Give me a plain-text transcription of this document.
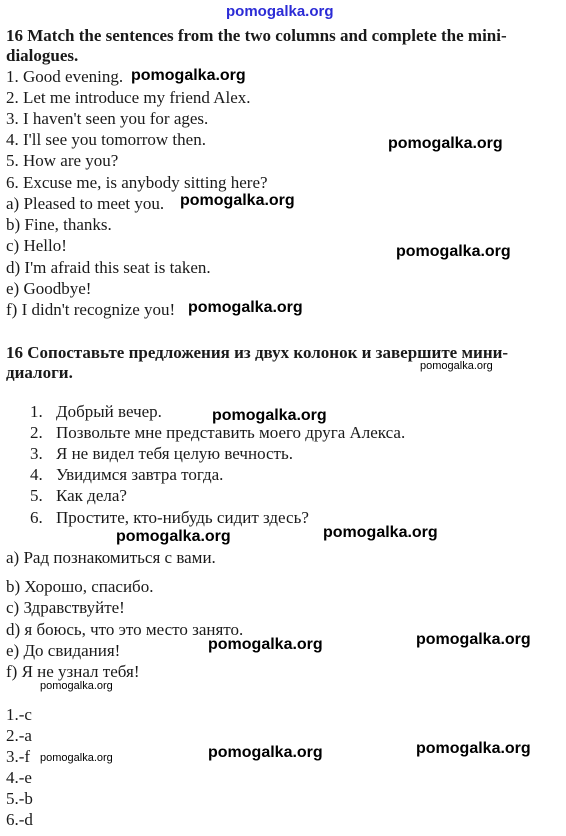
pomogalka.org
16 Match the sentences from the two columns and complete the mini-
dialogues.
1. Good evening.
2. Let me introduce my friend Alex.
3. I haven't seen you for ages.
4. I'll see you tomorrow then.
5. How are you?
6. Excuse me, is anybody sitting here?
a) Pleased to meet you.
b) Fine, thanks.
c) Hello!
d) I'm afraid this seat is taken.
e) Goodbye!
f) I didn't recognize you!
16 Сопоставьте предложения из двух колонок и завершите мини-
диалоги.
1. Добрый вечер.
2. Позвольте мне представить моего друга Алекса.
3. Я не видел тебя целую вечность.
4. Увидимся завтра тогда.
5. Как дела?
6. Простите, кто-нибудь сидит здесь?
a) Рад познакомиться с вами.
b) Хорошо, спасибо.
c) Здравствуйте!
d) я боюсь, что это место занято.
e) До свидания!
f) Я не узнал тебя!
1.-c
2.-a
3.-f
4.-e
5.-b
6.-d
pomogalka.org
pomogalka.org
pomogalka.org
pomogalka.org
pomogalka.org
pomogalka.org
pomogalka.org
pomogalka.org
pomogalka.org
pomogalka.org
pomogalka.org
pomogalka.org
pomogalka.org
pomogalka.org
pomogalka.org
